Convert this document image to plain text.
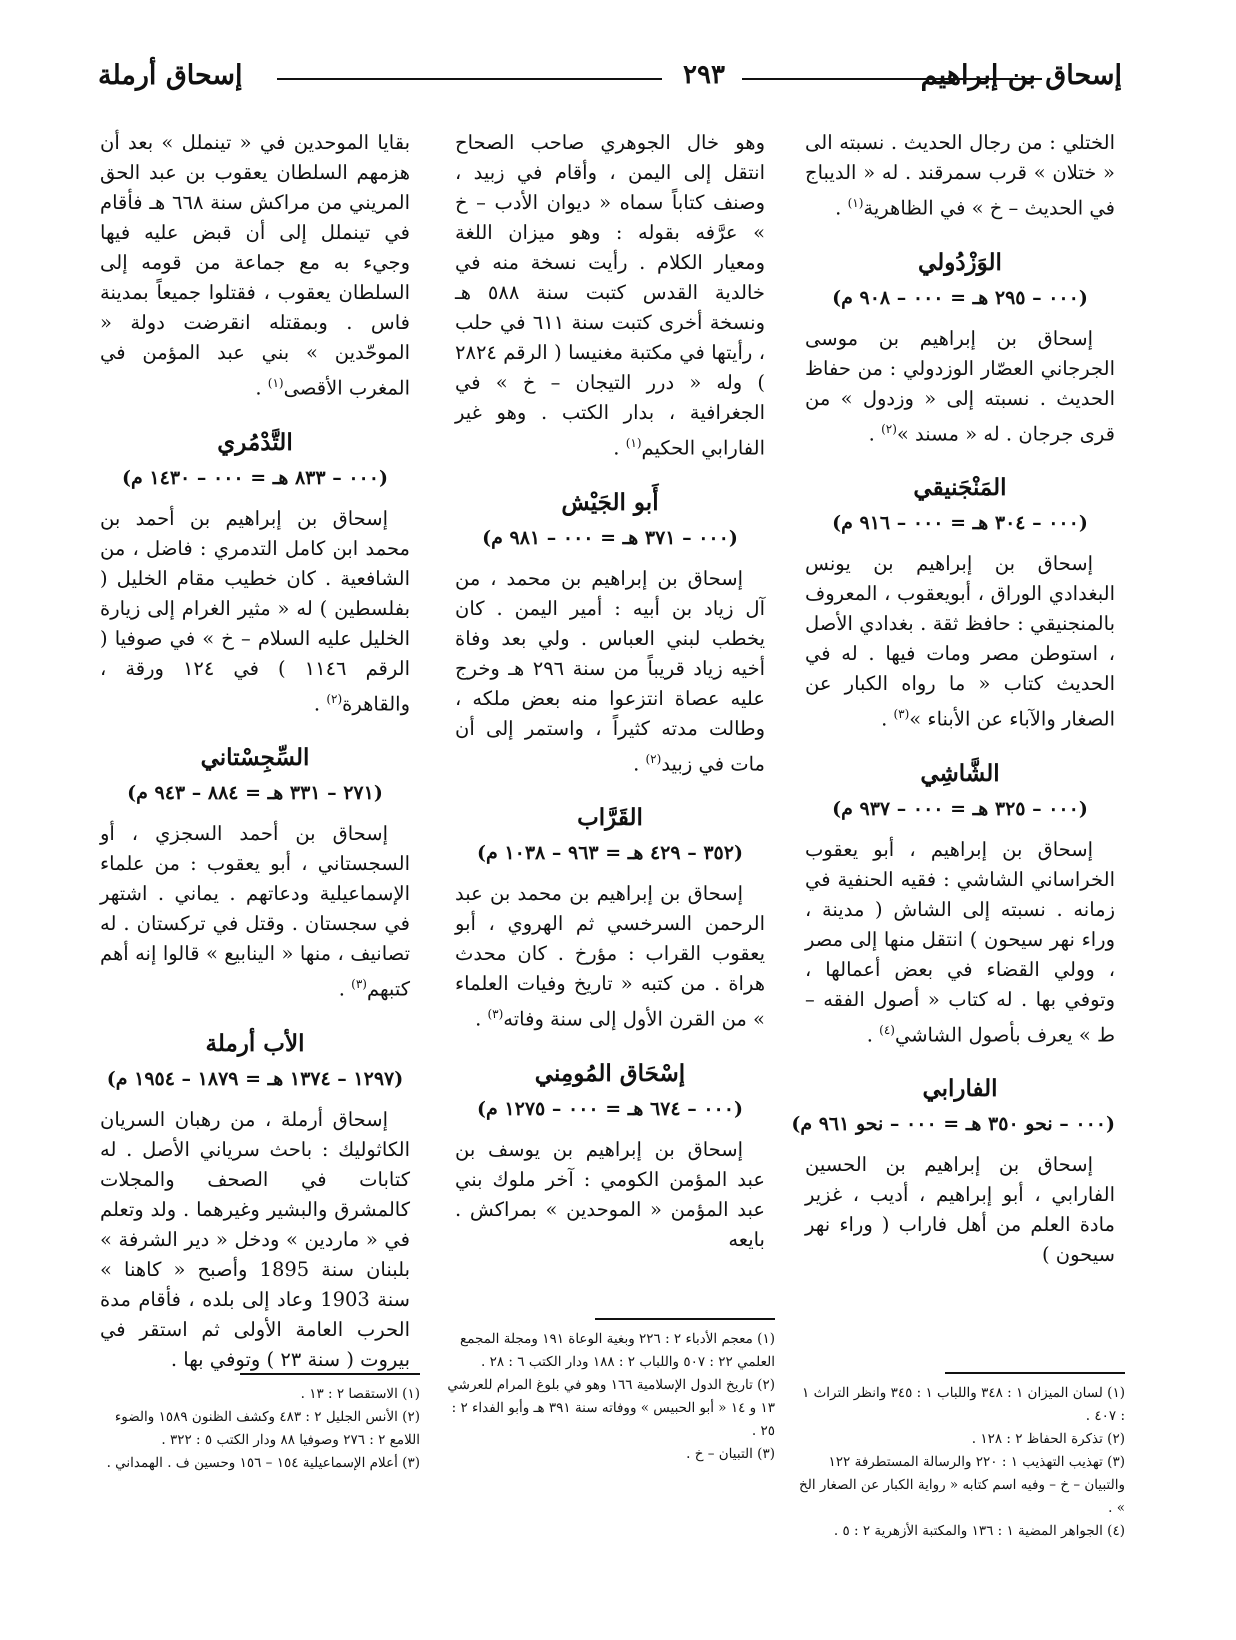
إسحاق أرملة	٢٩٣	إسحاق بن إبراهيم

الختلي : من رجال الحديث . نسبته الى « ختلان » قرب سمرقند . له « الديباج في الحديث – خ » في الظاهرية$^{(١)}$ .

الوَزْدُولي
(٠٠٠ – ٢٩٥ هـ = ٠٠٠ – ٩٠٨ م)

إسحاق بن إبراهيم بن موسى الجرجاني العصّار الوزدولي : من حفاظ الحديث . نسبته إلى « وزدول » من قرى جرجان . له « مسند »$^{(٢)}$ .

المَنْجَنيقي
(٠٠٠ – ٣٠٤ هـ = ٠٠٠ – ٩١٦ م)

إسحاق بن إبراهيم بن يونس البغدادي الوراق ، أبويعقوب ، المعروف بالمنجنيقي : حافظ ثقة . بغدادي الأصل ، استوطن مصر ومات فيها . له في الحديث كتاب « ما رواه الكبار عن الصغار والآباء عن الأبناء »$^{(٣)}$ .

الشَّاشِي
(٠٠٠ – ٣٢٥ هـ = ٠٠٠ – ٩٣٧ م)

إسحاق بن إبراهيم ، أبو يعقوب الخراساني الشاشي : فقيه الحنفية في زمانه . نسبته إلى الشاش ( مدينة ، وراء نهر سيحون ) انتقل منها إلى مصر ، وولي القضاء في بعض أعمالها ، وتوفي بها . له كتاب « أصول الفقه – ط » يعرف بأصول الشاشي$^{(٤)}$ .

الفارابي
(٠٠٠ – نحو ٣٥٠ هـ = ٠٠٠ – نحو ٩٦١ م)

إسحاق بن إبراهيم بن الحسين الفارابي ، أبو إبراهيم ، أديب ، غزير مادة العلم من أهل فاراب ( وراء نهر سيحون )

وهو خال الجوهري صاحب الصحاح انتقل إلى اليمن ، وأقام في زبيد ، وصنف كتاباً سماه « ديوان الأدب – خ » عرَّفه بقوله : وهو ميزان اللغة ومعيار الكلام . رأيت نسخة منه في خالدية القدس كتبت سنة ٥٨٨ هـ ونسخة أخرى كتبت سنة ٦١١ في حلب ، رأيتها في مكتبة مغنيسا ( الرقم ٢٨٢٤ ) وله « درر التيجان – خ » في الجغرافية ، بدار الكتب . وهو غير الفارابي الحكيم$^{(١)}$ .

أَبو الجَيْش
(٠٠٠ – ٣٧١ هـ = ٠٠٠ – ٩٨١ م)

إسحاق بن إبراهيم بن محمد ، من آل زياد بن أبيه : أمير اليمن . كان يخطب لبني العباس . ولي بعد وفاة أخيه زياد قريباً من سنة ٢٩٦ هـ وخرج عليه عصاة انتزعوا منه بعض ملكه ، وطالت مدته كثيراً ، واستمر إلى أن مات في زبيد$^{(٢)}$ .

القَرَّاب
(٣٥٢ – ٤٢٩ هـ = ٩٦٣ – ١٠٣٨ م)

إسحاق بن إبراهيم بن محمد بن عبد الرحمن السرخسي ثم الهروي ، أبو يعقوب القراب : مؤرخ . كان محدث هراة . من كتبه « تاريخ وفيات العلماء » من القرن الأول إلى سنة وفاته$^{(٣)}$ .

إسْحَاق المُومِني
(٠٠٠ – ٦٧٤ هـ = ٠٠٠ – ١٢٧٥ م)

إسحاق بن إبراهيم بن يوسف بن عبد المؤمن الكومي : آخر ملوك بني عبد المؤمن « الموحدين » بمراكش . بايعه

بقايا الموحدين في « تينملل » بعد أن هزمهم السلطان يعقوب بن عبد الحق المريني من مراكش سنة ٦٦٨ هـ فأقام في تينملل إلى أن قبض عليه فيها وجيء به مع جماعة من قومه إلى السلطان يعقوب ، فقتلوا جميعاً بمدينة فاس . وبمقتله انقرضت دولة « الموحّدين » بني عبد المؤمن في المغرب الأقصى$^{(١)}$ .

التَّدْمُري
(٠٠٠ – ٨٣٣ هـ = ٠٠٠ – ١٤٣٠ م)

إسحاق بن إبراهيم بن أحمد بن محمد ابن كامل التدمري : فاضل ، من الشافعية . كان خطيب مقام الخليل ( بفلسطين ) له « مثير الغرام إلى زيارة الخليل عليه السلام – خ » في صوفيا ( الرقم ١١٤٦ ) في ١٢٤ ورقة ، والقاهرة$^{(٢)}$ .

السِّجِسْتاني
(٢٧١ – ٣٣١ هـ = ٨٨٤ – ٩٤٣ م)

إسحاق بن أحمد السجزي ، أو السجستاني ، أبو يعقوب : من علماء الإسماعيلية ودعاتهم . يماني . اشتهر في سجستان . وقتل في تركستان . له تصانيف ، منها « الينابيع » قالوا إنه أهم كتبهم$^{(٣)}$ .

الأب أرملة
(١٢٩٧ – ١٣٧٤ هـ = ١٨٧٩ – ١٩٥٤ م)

إسحاق أرملة ، من رهبان السريان الكاثوليك : باحث سرياني الأصل . له كتابات في الصحف والمجلات كالمشرق والبشير وغيرهما . ولد وتعلم في « ماردين » ودخل « دير الشرفة » بلبنان سنة 1895 وأصبح « كاهنا » سنة 1903 وعاد إلى بلده ، فأقام مدة الحرب العامة الأولى ثم استقر في بيروت ( سنة ٢٣ ) وتوفي بها .

(١) لسان الميزان ١ : ٣٤٨ واللباب ١ : ٣٤٥ وانظر التراث ١ : ٤٠٧ .

(٢) تذكرة الحفاظ ٢ : ١٢٨ .

(٣) تهذيب التهذيب ١ : ٢٢٠ والرسالة المستطرفة ١٢٢ والتبيان – خ – وفيه اسم كتابه « رواية الكبار عن الصغار الخ » .

(٤) الجواهر المضية ١ : ١٣٦ والمكتبة الأزهرية ٢ : ٥ .

(١) معجم الأدباء ٢ : ٢٢٦ وبغية الوعاة ١٩١ ومجلة المجمع العلمي ٢٢ : ٥٠٧ واللباب ٢ : ١٨٨ ودار الكتب ٦ : ٢٨ .

(٢) تاريخ الدول الإسلامية ١٦٦ وهو في بلوغ المرام للعرشي ١٣ و ١٤ « أبو الحبيس » ووفاته سنة ٣٩١ هـ وأبو الفداء ٢ : ٢٥ .

(٣) التبيان – خ .

(١) الاستقصا ٢ : ١٣ .

(٢) الأنس الجليل ٢ : ٤٨٣ وكشف الظنون ١٥٨٩ والضوء اللامع ٢ : ٢٧٦ وصوفيا ٨٨ ودار الكتب ٥ : ٣٢٢ .

(٣) أعلام الإسماعيلية ١٥٤ – ١٥٦ وحسين ف . الهمداني .
